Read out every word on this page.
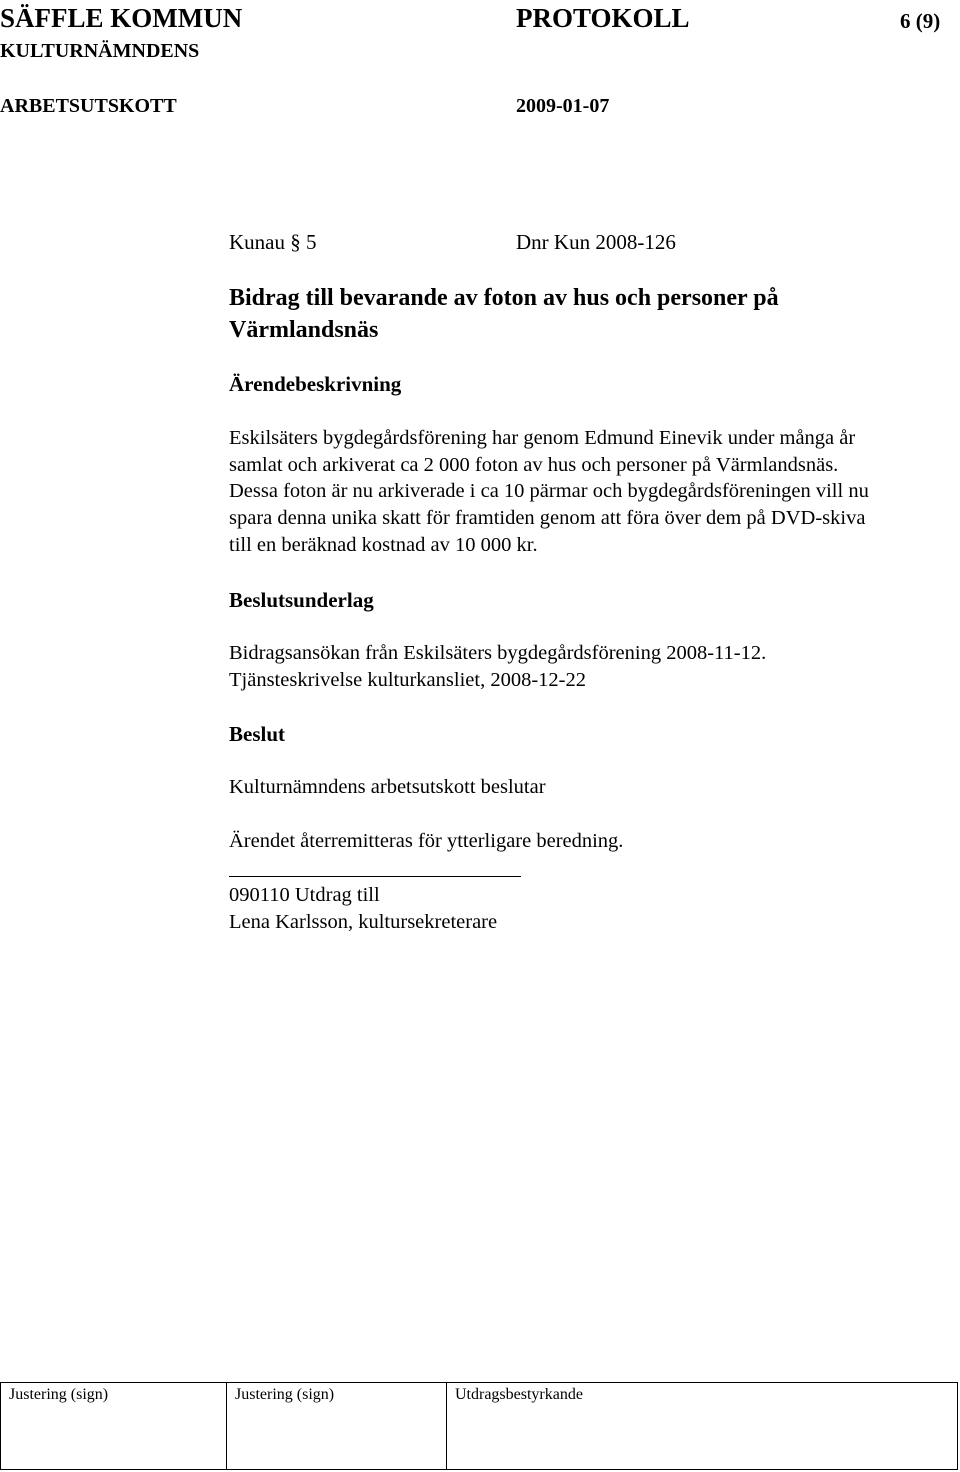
SÄFFLE KOMMUN	PROTOKOLL	6 (9)
KULTURNÄMNDENS
ARBETSUTSKOTT	2009-01-07
Kunau § 5	Dnr Kun 2008-126
Bidrag till bevarande av foton av hus och personer på
Värmlandsnäs
Ärendebeskrivning
Eskilsäters bygdegårdsförening har genom Edmund Einevik under många år
samlat och arkiverat ca 2 000 foton av hus och personer på Värmlandsnäs.
Dessa foton är nu arkiverade i ca 10 pärmar och bygdegårdsföreningen vill nu
spara denna unika skatt för framtiden genom att föra över dem på DVD-skiva
till en beräknad kostnad av 10 000 kr.
Beslutsunderlag
Bidragsansökan från Eskilsäters bygdegårdsförening 2008-11-12.
Tjänsteskrivelse kulturkansliet, 2008-12-22
Beslut
Kulturnämndens arbetsutskott beslutar
Ärendet återremitteras för ytterligare beredning.
090110 Utdrag till
Lena Karlsson, kultursekreterare
Justering (sign)	Justering (sign)	Utdragsbestyrkande
